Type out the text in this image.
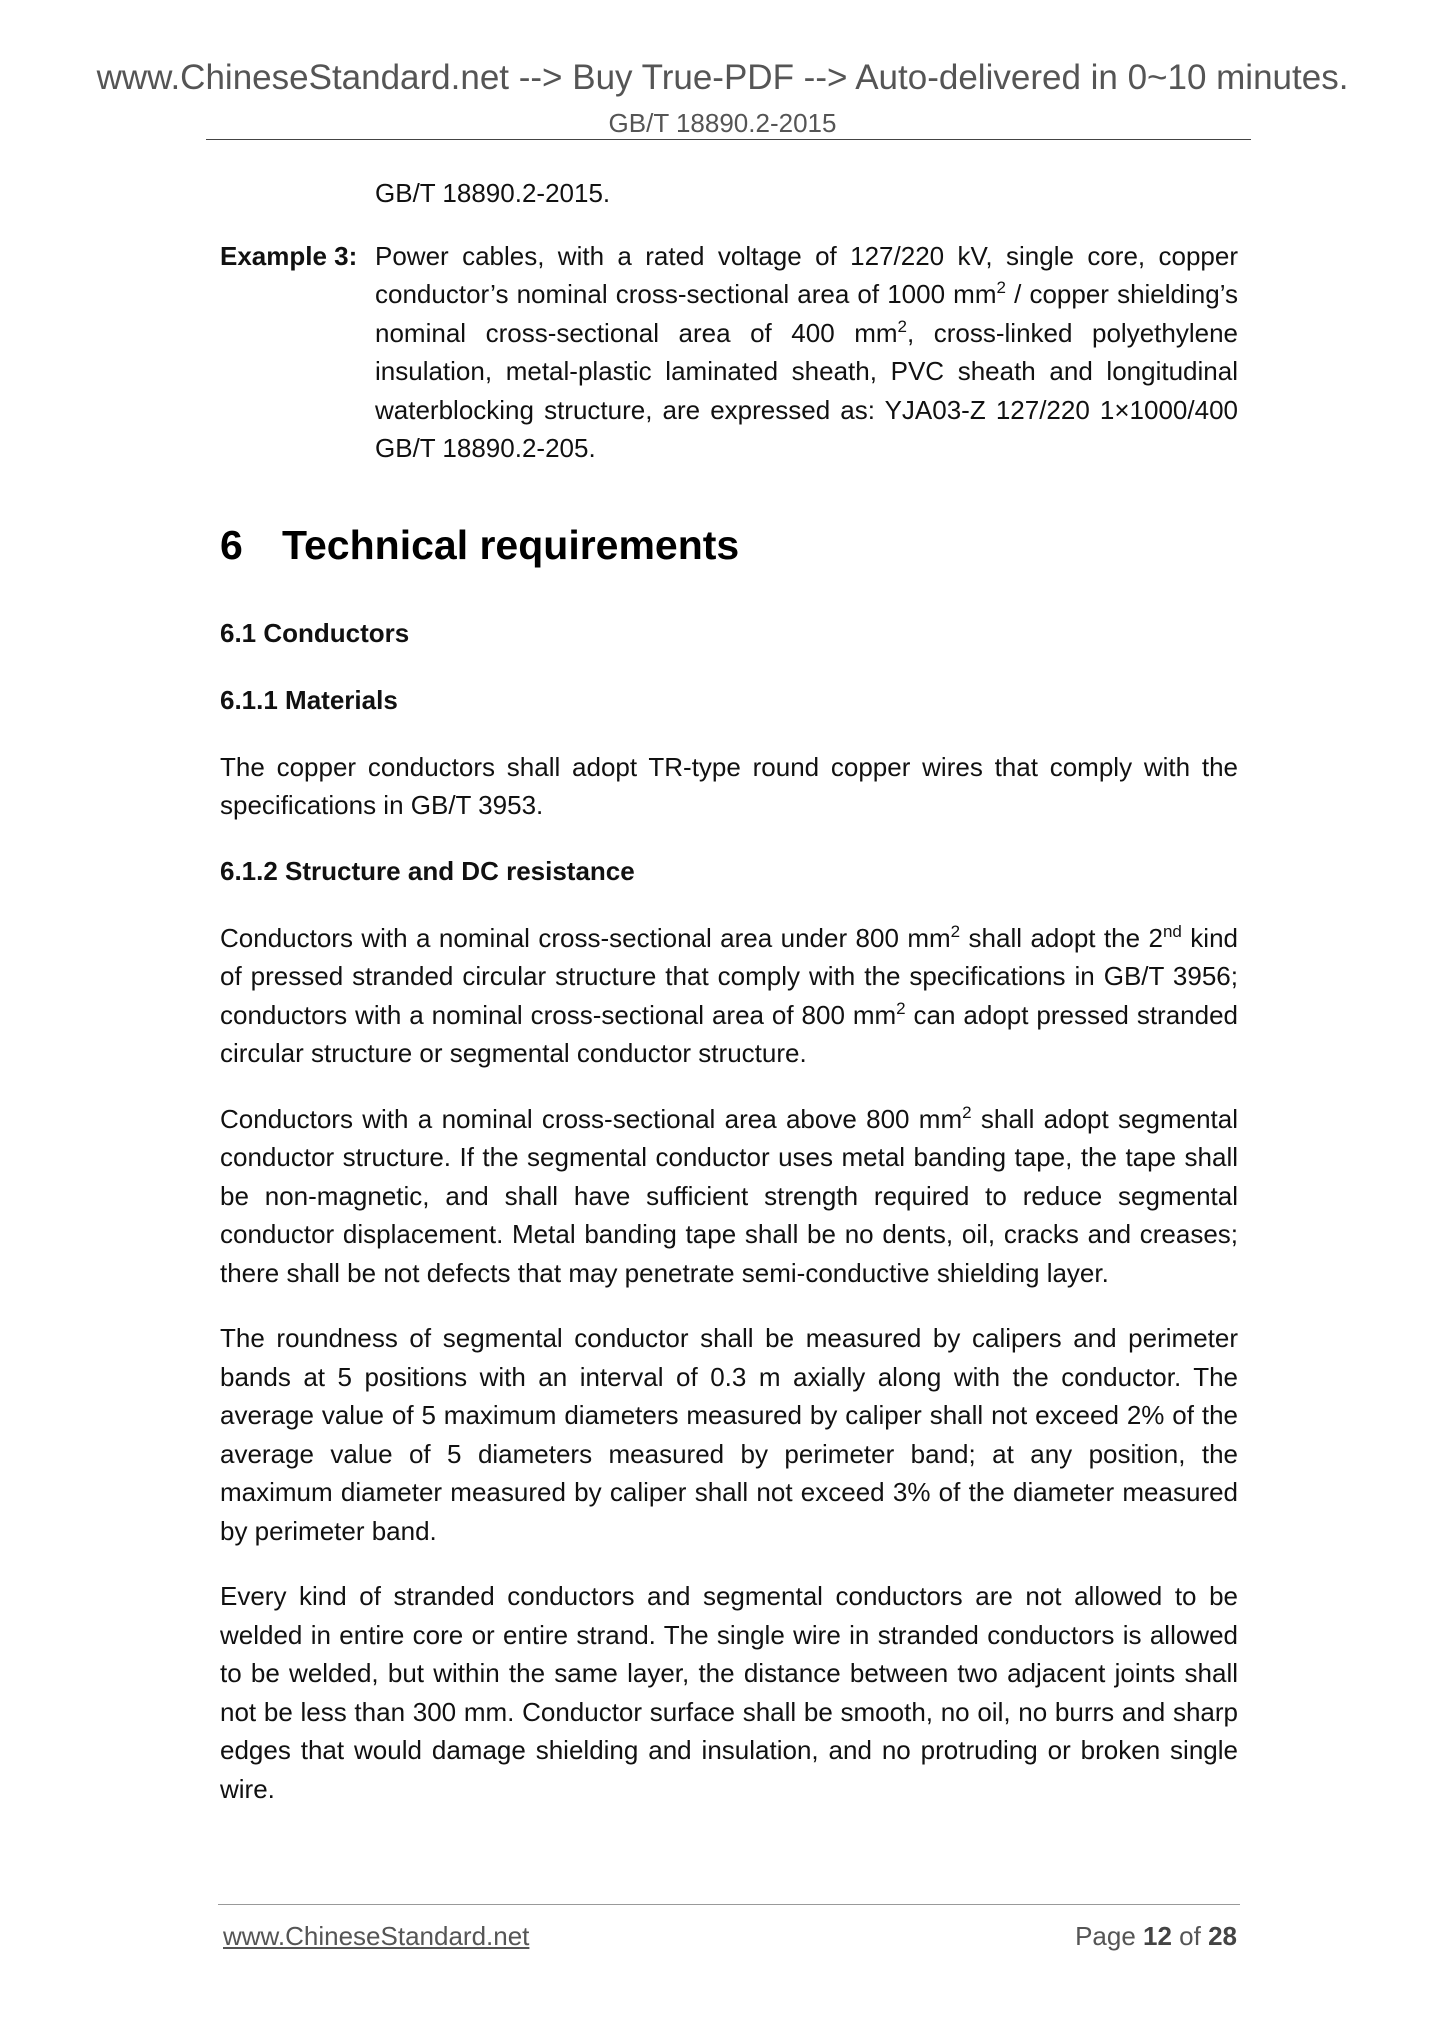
www.ChineseStandard.net --> Buy True-PDF --> Auto-delivered in 0~10 minutes.
GB/T 18890.2-2015

GB/T 18890.2-2015.

Example 3: Power cables, with a rated voltage of 127/220 kV, single core, copper conductor’s nominal cross-sectional area of 1000 $mm^2$ / copper shielding’s nominal cross-sectional area of 400 $mm^2$, cross-linked polyethylene insulation, metal-plastic laminated sheath, PVC sheath and longitudinal waterblocking structure, are expressed as: YJA03-Z 127/220 1×1000/400 GB/T 18890.2-205.
6 Technical requirements
6.1 Conductors
6.1.1 Materials

The copper conductors shall adopt TR-type round copper wires that comply with the specifications in GB/T 3953.

6.1.2 Structure and DC resistance

Conductors with a nominal cross-sectional area under 800 $mm^2$ shall adopt the 2nd kind of pressed stranded circular structure that comply with the specifications in GB/T 3956; conductors with a nominal cross-sectional area of 800 $mm^2$ can adopt pressed stranded circular structure or segmental conductor structure.

Conductors with a nominal cross-sectional area above 800 $mm^2$ shall adopt segmental conductor structure. If the segmental conductor uses metal banding tape, the tape shall be non-magnetic, and shall have sufficient strength required to reduce segmental conductor displacement. Metal banding tape shall be no dents, oil, cracks and creases; there shall be not defects that may penetrate semi-conductive shielding layer.

The roundness of segmental conductor shall be measured by calipers and perimeter bands at 5 positions with an interval of 0.3 m axially along with the conductor. The average value of 5 maximum diameters measured by caliper shall not exceed 2% of the average value of 5 diameters measured by perimeter band; at any position, the maximum diameter measured by caliper shall not exceed 3% of the diameter measured by perimeter band.

Every kind of stranded conductors and segmental conductors are not allowed to be welded in entire core or entire strand. The single wire in stranded conductors is allowed to be welded, but within the same layer, the distance between two adjacent joints shall not be less than 300 mm. Conductor surface shall be smooth, no oil, no burrs and sharp edges that would damage shielding and insulation, and no protruding or broken single wire.

www.ChineseStandard.net	Page 12 of 28
